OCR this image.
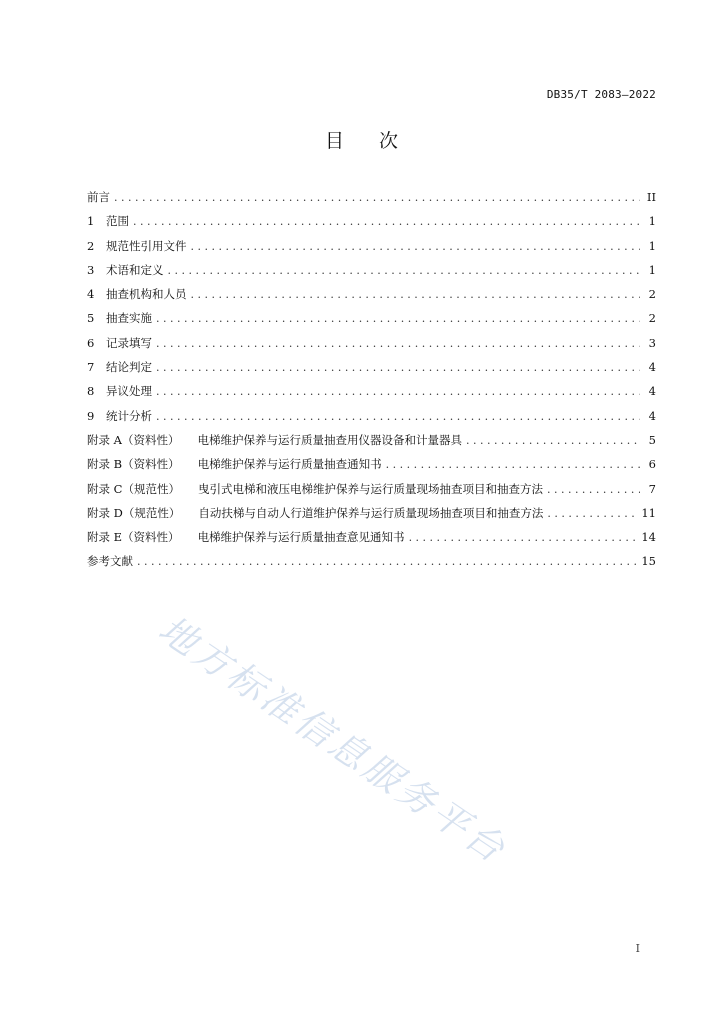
DB35/T 2083—2022
目 次
前言 . . .	II
1	范围 . . .	1
2	规范性引用文件 . . .	1
3	术语和定义 . . .	1
4	抽查机构和人员 . . .	2
5	抽查实施 . . .	2
6	记录填写 . . .	3
7	结论判定 . . .	4
8	异议处理 . . .	4
9	统计分析 . . .	4
附录 A（资料性） 电梯维护保养与运行质量抽查用仪器设备和计量器具 . . .	5
附录 B（资料性） 电梯维护保养与运行质量抽查通知书 . . .	6
附录 C（规范性） 曳引式电梯和液压电梯维护保养与运行质量现场抽查项目和抽查方法 . . .	7
附录 D（规范性） 自动扶梯与自动人行道维护保养与运行质量现场抽查项目和抽查方法 . . .	11
附录 E（资料性） 电梯维护保养与运行质量抽查意见通知书 . . .	14
参考文献 . . .	15
地方标准信息服务平台
I
